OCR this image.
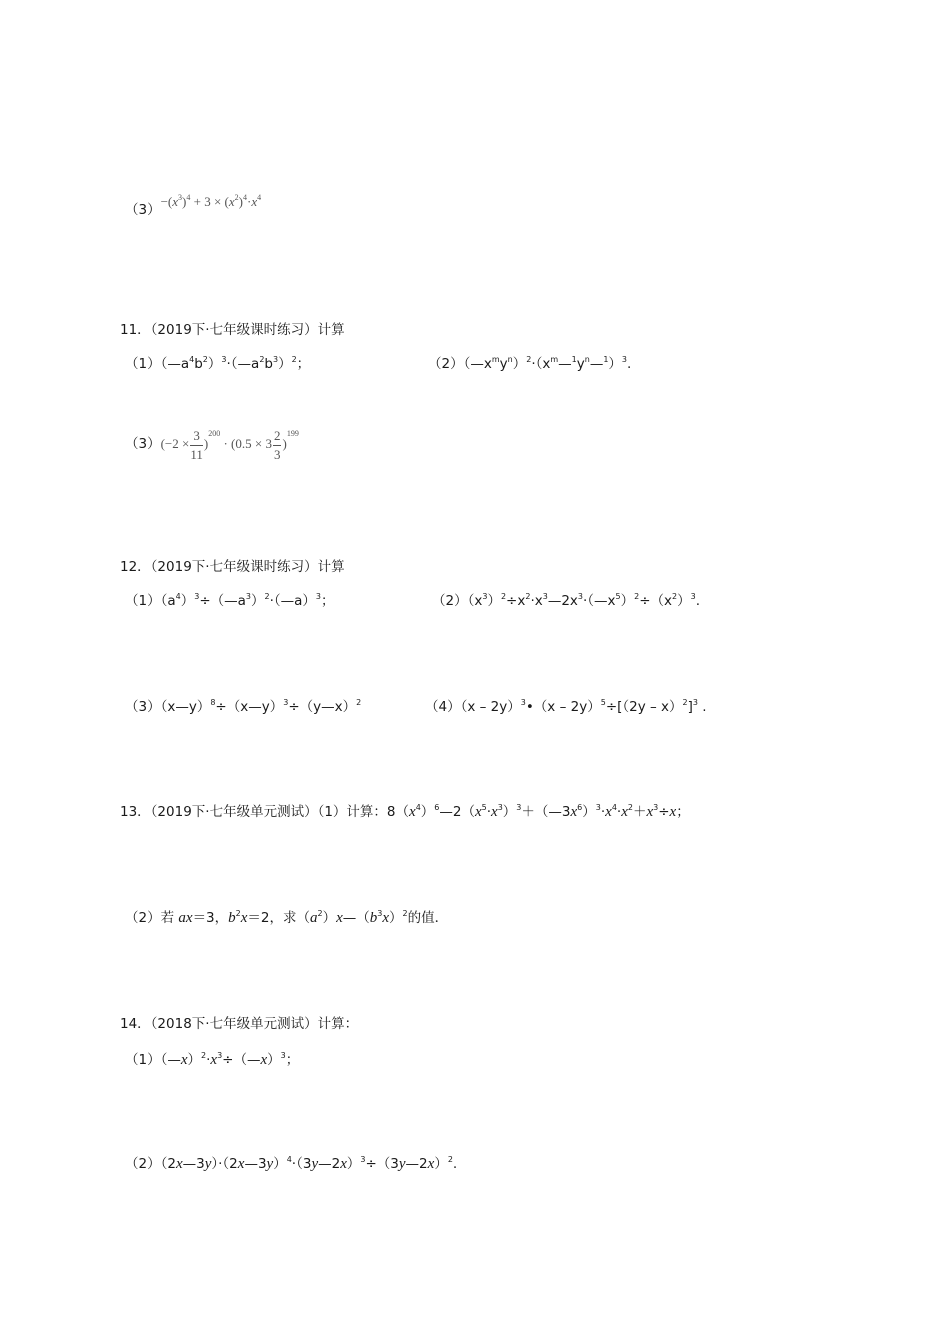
$(3)-(x^3)^4 + 3 \times (x^2)^4\cdot x^4$
11．（2019下·七年级课时练习）计算
$(1)(—a^4b^2)^3\cdot(—a^2b^3)^2$；	$(2)(—x^my^n)^2\cdot(x^m—^1y^n—^1)^3$.
$(3)(-2 \times \frac{3}{11} )^{200} \cdot (0.5 \times 3 \frac{2}{3} )^{199}$
12．（2019下·七年级课时练习）计算
$(1)(a^4)^3\div(—a^3)^2\cdot(—a)^3$；	$(2)(x^3)^2\div x^2\cdot x^3—2x^3\cdot(—x^5)^2\div(x^2)^3$.
（3）（x—y）$^8$÷（x—y）$^3$÷（y—x）$^2$	（4）（x – 2y）$^3$•（x – 2y）$^5$÷[（2y – x）$^2$]$^3$ .
13．（2019下·七年级单元测试）（1）计算：$8(x^4)^6—2(x^5\cdot x^3)^3+(—3x^6)^3\cdot x^4\cdot x^2+x^3\div x$；
（2）若 ax＝3，$b^2x=2$，求$(a^2)x—(b^3x)^2$的值．
14．（2018下·七年级单元测试）计算：
$(1)(—x)^2\cdot x^3\div(—x)^3$；
（2）（2x—3y）·（2x—3y）$^4$·（3y—2x）$^3$÷（3y—2x）$^2$.
